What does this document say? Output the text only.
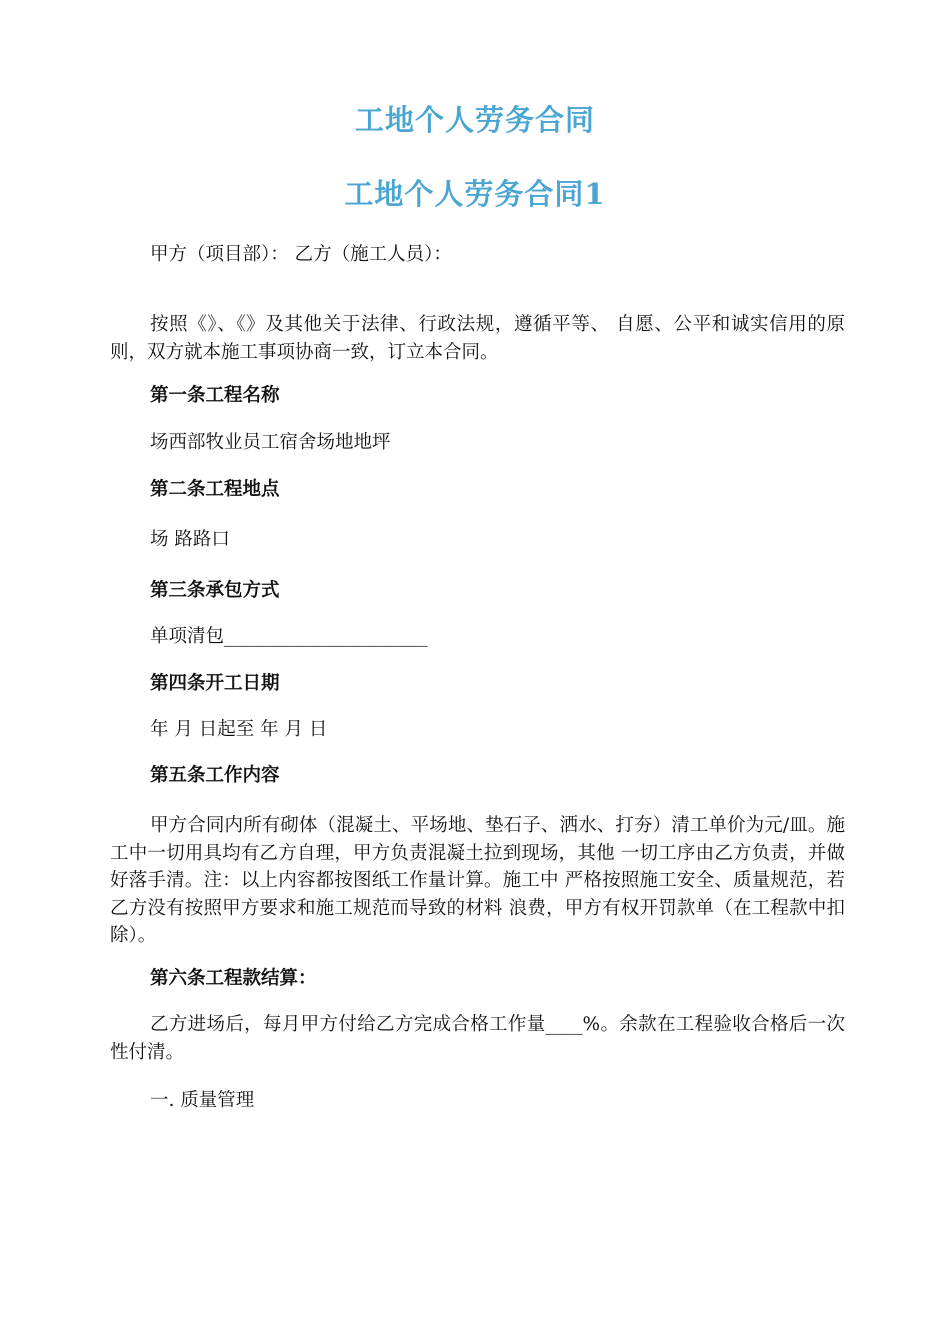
工地个人劳务合同
工地个人劳务合同1
甲方（项目部）： 乙方（施工人员）：
按照《》、《》及其他关于法律、行政法规，遵循平等、 自愿、公平和诚实信用的原则，双方就本施工事项协商一致，订立本合同。
第一条工程名称
场西部牧业员工宿舍场地地坪
第二条工程地点
场 路路口
第三条承包方式
单项清包______________________
第四条开工日期
年 月 日起至 年 月 日
第五条工作内容
甲方合同内所有砌体（混凝土、平场地、垫石子、洒水、打夯）清工单价为元/皿。施工中一切用具均有乙方自理，甲方负责混凝土拉到现场，其他 一切工序由乙方负责，并做好落手清。注：以上内容都按图纸工作量计算。施工中 严格按照施工安全、质量规范，若乙方没有按照甲方要求和施工规范而导致的材料 浪费，甲方有权开罚款单（在工程款中扣除）。
第六条工程款结算：
乙方进场后，每月甲方付给乙方完成合格工作量____%。余款在工程验收合格后一次性付清。
一. 质量管理
